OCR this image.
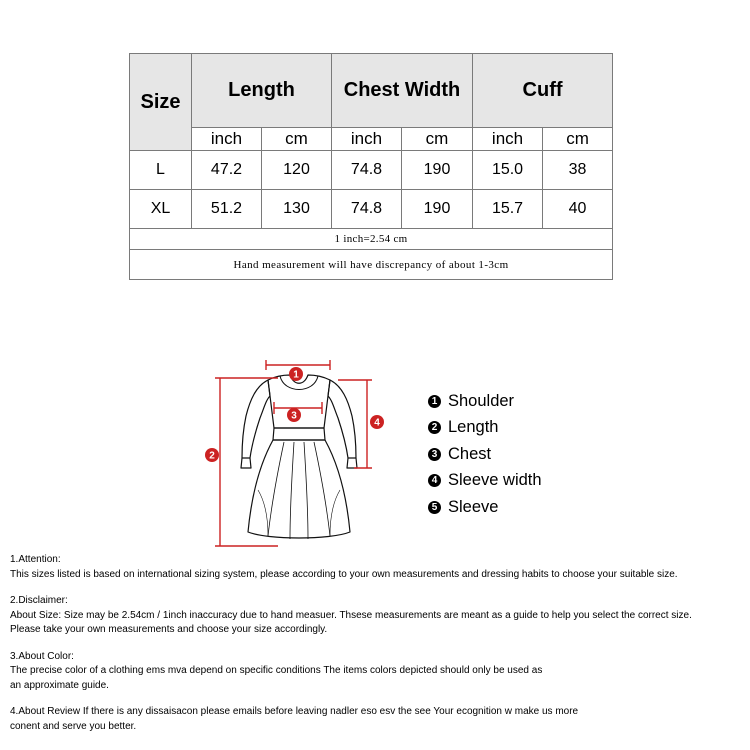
Size	Length		Chest Width		Cuff	
	inch	cm	inch	cm	inch	cm
L	47.2	120	74.8	190	15.0	38
XL	51.2	130	74.8	190	15.7	40
1 inch=2.54 cm						
Hand measurement will have discrepancy of about 1-3cm						
1
2
3
4
1 Shoulder
2 Length
3 Chest
4 Sleeve width
5 Sleeve
1.Attention:
This sizes listed is based on international sizing system, please according to your own measurements and dressing habits to choose your suitable size.
2.Disclaimer:
About Size: Size may be 2.54cm / 1inch inaccuracy due to hand measuer. Thsese measurements are meant as a guide to help you select the correct size.
Please take your own measurements and choose your size accordingly.
3.About Color:
The precise color of a clothing ems mva depend on specific conditions The items colors depicted should only be used as
an approximate guide.
4.About Review If there is any dissaisacon please emails before leaving nadler eso esv the see Your ecognition w make us more
conent and serve you better.
